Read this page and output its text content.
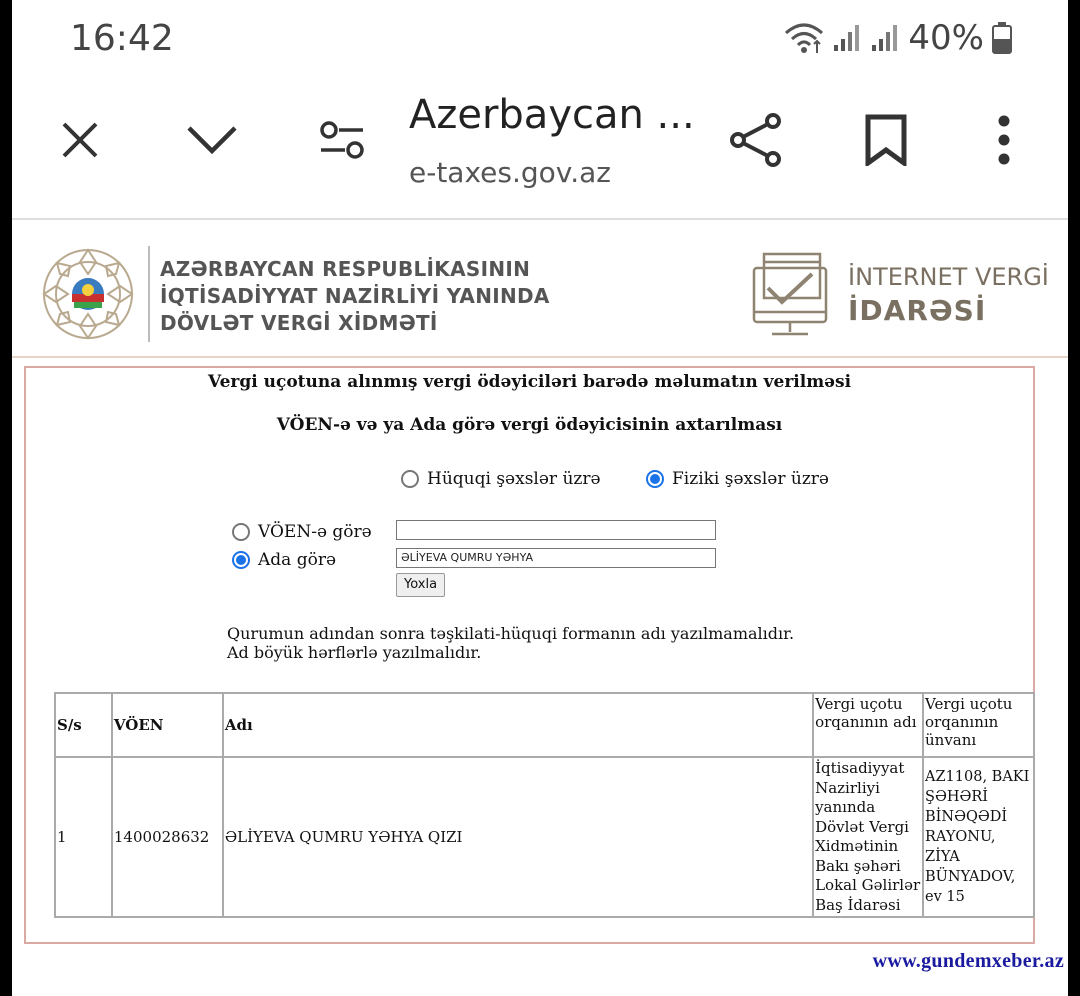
16:42	40%
Azerbaycan ...
e-taxes.gov.az
AZƏRBAYCAN RESPUBLİKASININ
İQTİSADİYYAT NAZİRLİYİ YANINDA
DÖVLƏT VERGİ XİDMƏTİ
İNTERNET VERGİ
İDARƏSİ
Vergi uçotuna alınmış vergi ödəyiciləri barədə məlumatın verilməsi
VÖEN-ə və ya Ada görə vergi ödəyicisinin axtarılması
Hüquqi şəxslər üzrə	Fiziki şəxslər üzrə
VÖEN-ə görə
Ada görə	ƏLİYEVA QUMRU YƏHYA
Yoxla
Qurumun adından sonra təşkilati-hüquqi formanın adı yazılmamalıdır.
Ad böyük hərflərlə yazılmalıdır.
S/s	VÖEN	Adı	Vergi uçotu orqanının adı	Vergi uçotu orqanının ünvanı
1	1400028632	ƏLİYEVA QUMRU YƏHYA QIZI	İqtisadiyyat Nazirliyi yanında Dövlət Vergi Xidmətinin Bakı şəhəri Lokal Gəlirlər Baş İdarəsi	AZ1108, BAKI ŞƏHƏRİ BİNƏQƏDİ RAYONU, ZİYA BÜNYADOV, ev 15
www.gundemxeber.az
